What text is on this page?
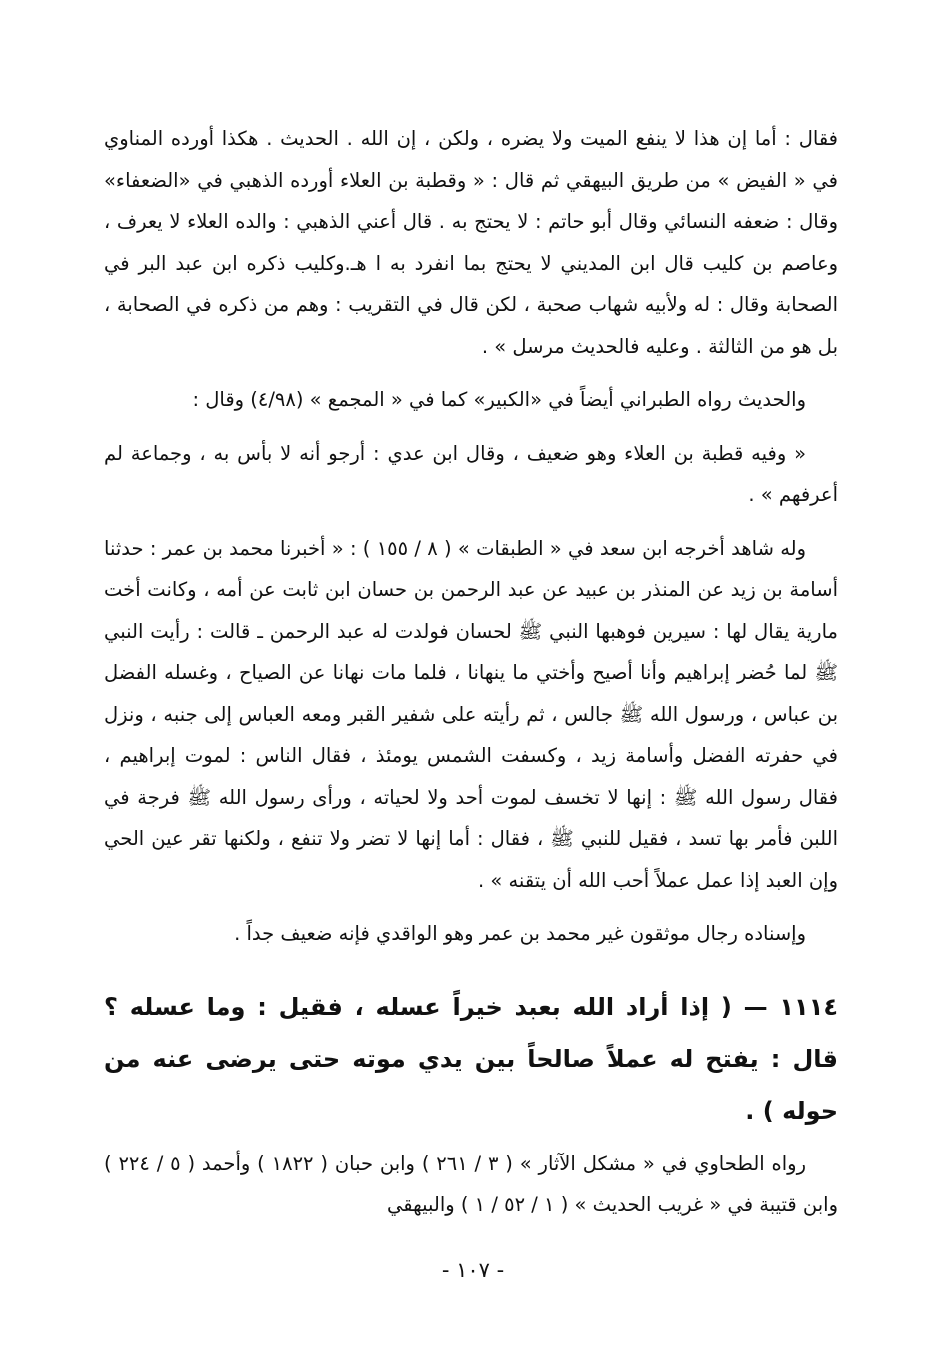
فقال : أما إن هذا لا ينفع الميت ولا يضره ، ولكن ، إن الله . الحديث . هكذا أورده المناوي في « الفيض » من طريق البيهقي ثم قال : « وقطبة بن العلاء أورده الذهبي في «الضعفاء» وقال : ضعفه النسائي وقال أبو حاتم : لا يحتج به . قال أعني الذهبي : والده العلاء لا يعرف ، وعاصم بن كليب قال ابن المديني لا يحتج بما انفرد به ا هـ.وكليب ذكره ابن عبد البر في الصحابة وقال : له ولأبيه شهاب صحبة ، لكن قال في التقريب : وهم من ذكره في الصحابة ، بل هو من الثالثة . وعليه فالحديث مرسل » .

والحديث رواه الطبراني أيضاً في «الكبير» كما في « المجمع » (٤/٩٨) وقال :

« وفيه قطبة بن العلاء وهو ضعيف ، وقال ابن عدي : أرجو أنه لا بأس به ، وجماعة لم أعرفهم » .

وله شاهد أخرجه ابن سعد في « الطبقات » ( ٨ / ١٥٥ ) : « أخبرنا محمد بن عمر : حدثنا أسامة بن زيد عن المنذر بن عبيد عن عبد الرحمن بن حسان ابن ثابت عن أمه ، وكانت أخت مارية يقال لها : سيرين فوهبها النبي ﷺ لحسان فولدت له عبد الرحمن ـ قالت : رأيت النبي ﷺ لما حُضر إبراهيم وأنا أصيح وأختي ما ينهانا ، فلما مات نهانا عن الصياح ، وغسله الفضل بن عباس ، ورسول الله ﷺ جالس ، ثم رأيته على شفير القبر ومعه العباس إلى جنبه ، ونزل في حفرته الفضل وأسامة زيد ، وكسفت الشمس يومئذ ، فقال الناس : لموت إبراهيم ، فقال رسول الله ﷺ : إنها لا تخسف لموت أحد ولا لحياته ، ورأى رسول الله ﷺ فرجة في اللبن فأمر بها تسد ، فقيل للنبي ﷺ ، فقال : أما إنها لا تضر ولا تنفع ، ولكنها تقر عين الحي وإن العبد إذا عمل عملاً أحب الله أن يتقنه » .

وإسناده رجال موثقون غير محمد بن عمر وهو الواقدي فإنه ضعيف جداً .

١١١٤ — ( إذا أراد الله بعبد خيراً عسله ، فقيل : وما عسله ؟ قال : يفتح له عملاً صالحاً بين يدي موته حتى يرضى عنه من حوله ) .

رواه الطحاوي في « مشكل الآثار » ( ٣ / ٢٦١ ) وابن حبان ( ١٨٢٢ ) وأحمد ( ٥ / ٢٢٤ ) وابن قتيبة في « غريب الحديث » ( ١ / ٥٢ / ١ ) والبيهقي

- ١٠٧ -
